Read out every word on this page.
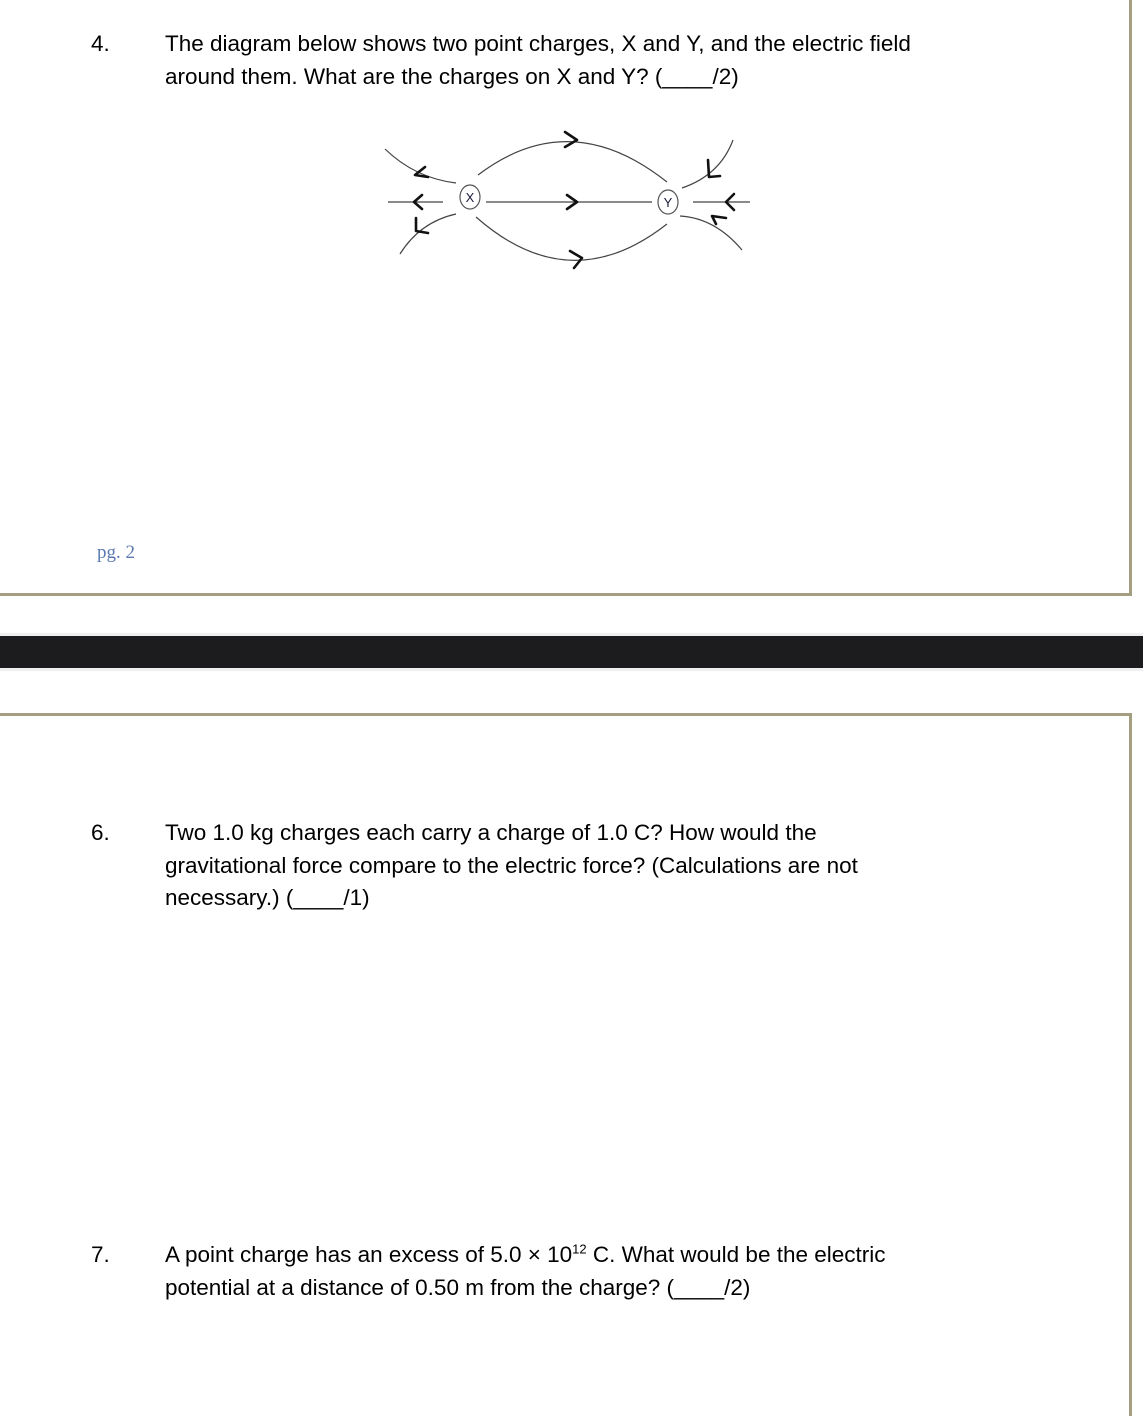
4. The diagram below shows two point charges, X and Y, and the electric field
around them. What are the charges on X and Y? (____/2)
X	Y
pg. 2
6. Two 1.0 kg charges each carry a charge of 1.0 C? How would the
gravitational force compare to the electric force? (Calculations are not
necessary.) (____/1)
7. A point charge has an excess of $5.0 \times 10^{12}$ C. What would be the electric
potential at a distance of 0.50 m from the charge? (____/2)
